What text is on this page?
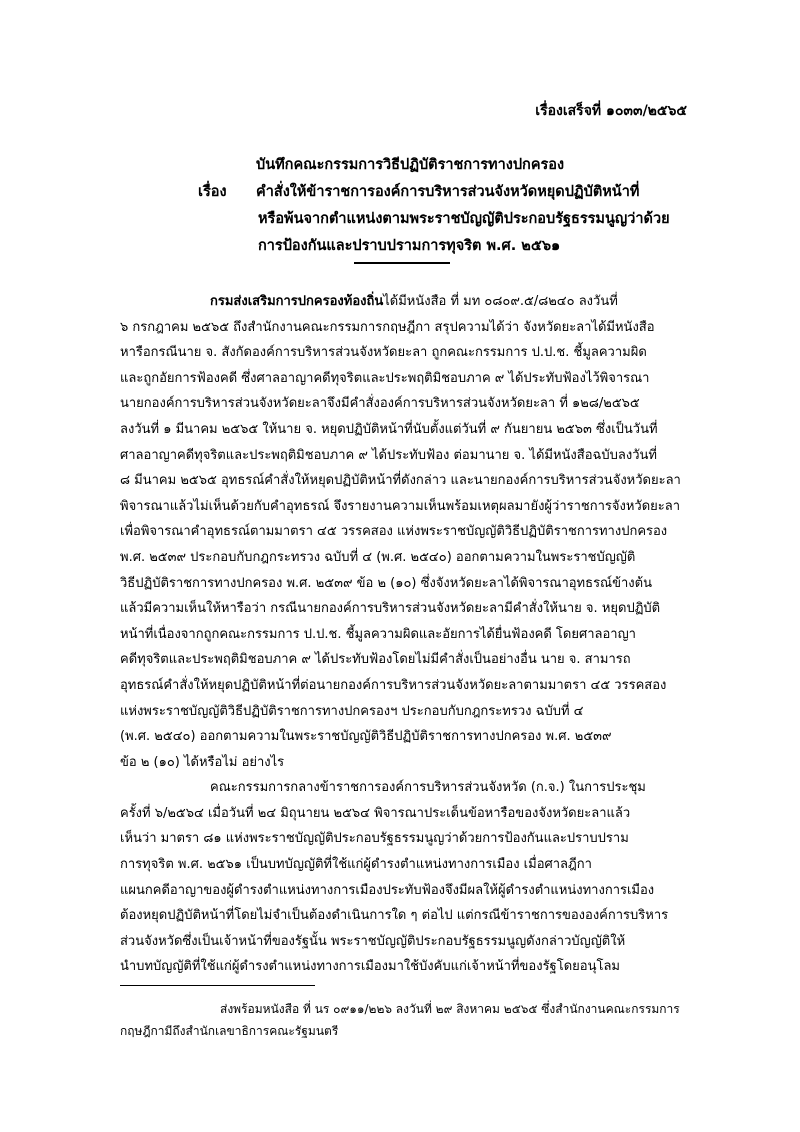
เรื่องเสร็จที่ ๑๐๓๓/๒๕๖๕
บันทึกคณะกรรมการวิธีปฏิบัติราชการทางปกครอง
เรื่อง คำสั่งให้ข้าราชการองค์การบริหารส่วนจังหวัดหยุดปฏิบัติหน้าที่
หรือพ้นจากตำแหน่งตามพระราชบัญญัติประกอบรัฐธรรมนูญว่าด้วย
การป้องกันและปราบปรามการทุจริต พ.ศ. ๒๕๖๑
กรมส่งเสริมการปกครองท้องถิ่นได้มีหนังสือ ที่ มท ๐๘๐๙.๕/๘๒๔๐ ลงวันที่
๖ กรกฎาคม ๒๕๖๕ ถึงสำนักงานคณะกรรมการกฤษฎีกา สรุปความได้ว่า จังหวัดยะลาได้มีหนังสือ
หารือกรณีนาย จ. สังกัดองค์การบริหารส่วนจังหวัดยะลา ถูกคณะกรรมการ ป.ป.ช. ชี้มูลความผิด
และถูกอัยการฟ้องคดี ซึ่งศาลอาญาคดีทุจริตและประพฤติมิชอบภาค ๙ ได้ประทับฟ้องไว้พิจารณา
นายกองค์การบริหารส่วนจังหวัดยะลาจึงมีคำสั่งองค์การบริหารส่วนจังหวัดยะลา ที่ ๑๒๘/๒๕๖๕
ลงวันที่ ๑ มีนาคม ๒๕๖๕ ให้นาย จ. หยุดปฏิบัติหน้าที่นับตั้งแต่วันที่ ๙ กันยายน ๒๕๖๓ ซึ่งเป็นวันที่
ศาลอาญาคดีทุจริตและประพฤติมิชอบภาค ๙ ได้ประทับฟ้อง ต่อมานาย จ. ได้มีหนังสือฉบับลงวันที่
๘ มีนาคม ๒๕๖๕ อุทธรณ์คำสั่งให้หยุดปฏิบัติหน้าที่ดังกล่าว และนายกองค์การบริหารส่วนจังหวัดยะลา
พิจารณาแล้วไม่เห็นด้วยกับคำอุทธรณ์ จึงรายงานความเห็นพร้อมเหตุผลมายังผู้ว่าราชการจังหวัดยะลา
เพื่อพิจารณาคำอุทธรณ์ตามมาตรา ๔๕ วรรคสอง แห่งพระราชบัญญัติวิธีปฏิบัติราชการทางปกครอง
พ.ศ. ๒๕๓๙ ประกอบกับกฎกระทรวง ฉบับที่ ๔ (พ.ศ. ๒๕๔๐) ออกตามความในพระราชบัญญัติ
วิธีปฏิบัติราชการทางปกครอง พ.ศ. ๒๕๓๙ ข้อ ๒ (๑๐) ซึ่งจังหวัดยะลาได้พิจารณาอุทธรณ์ข้างต้น
แล้วมีความเห็นให้หารือว่า กรณีนายกองค์การบริหารส่วนจังหวัดยะลามีคำสั่งให้นาย จ. หยุดปฏิบัติ
หน้าที่เนื่องจากถูกคณะกรรมการ ป.ป.ช. ชี้มูลความผิดและอัยการได้ยื่นฟ้องคดี โดยศาลอาญา
คดีทุจริตและประพฤติมิชอบภาค ๙ ได้ประทับฟ้องโดยไม่มีคำสั่งเป็นอย่างอื่น นาย จ. สามารถ
อุทธรณ์คำสั่งให้หยุดปฏิบัติหน้าที่ต่อนายกองค์การบริหารส่วนจังหวัดยะลาตามมาตรา ๔๕ วรรคสอง
แห่งพระราชบัญญัติวิธีปฏิบัติราชการทางปกครองฯ ประกอบกับกฎกระทรวง ฉบับที่ ๔
(พ.ศ. ๒๕๔๐) ออกตามความในพระราชบัญญัติวิธีปฏิบัติราชการทางปกครอง พ.ศ. ๒๕๓๙
ข้อ ๒ (๑๐) ได้หรือไม่ อย่างไร
คณะกรรมการกลางข้าราชการองค์การบริหารส่วนจังหวัด (ก.จ.) ในการประชุม
ครั้งที่ ๖/๒๕๖๔ เมื่อวันที่ ๒๔ มิถุนายน ๒๕๖๔ พิจารณาประเด็นข้อหารือของจังหวัดยะลาแล้ว
เห็นว่า มาตรา ๘๑ แห่งพระราชบัญญัติประกอบรัฐธรรมนูญว่าด้วยการป้องกันและปราบปราม
การทุจริต พ.ศ. ๒๕๖๑ เป็นบทบัญญัติที่ใช้แก่ผู้ดำรงตำแหน่งทางการเมือง เมื่อศาลฎีกา
แผนกคดีอาญาของผู้ดำรงตำแหน่งทางการเมืองประทับฟ้องจึงมีผลให้ผู้ดำรงตำแหน่งทางการเมือง
ต้องหยุดปฏิบัติหน้าที่โดยไม่จำเป็นต้องดำเนินการใด ๆ ต่อไป แต่กรณีข้าราชการขององค์การบริหาร
ส่วนจังหวัดซึ่งเป็นเจ้าหน้าที่ของรัฐนั้น พระราชบัญญัติประกอบรัฐธรรมนูญดังกล่าวบัญญัติให้
นำบทบัญญัติที่ใช้แก่ผู้ดำรงตำแหน่งทางการเมืองมาใช้บังคับแก่เจ้าหน้าที่ของรัฐโดยอนุโลม
ส่งพร้อมหนังสือ ที่ นร ๐๙๑๑/๒๒๖ ลงวันที่ ๒๙ สิงหาคม ๒๕๖๕ ซึ่งสำนักงานคณะกรรมการ
กฤษฎีกามีถึงสำนักเลขาธิการคณะรัฐมนตรี
